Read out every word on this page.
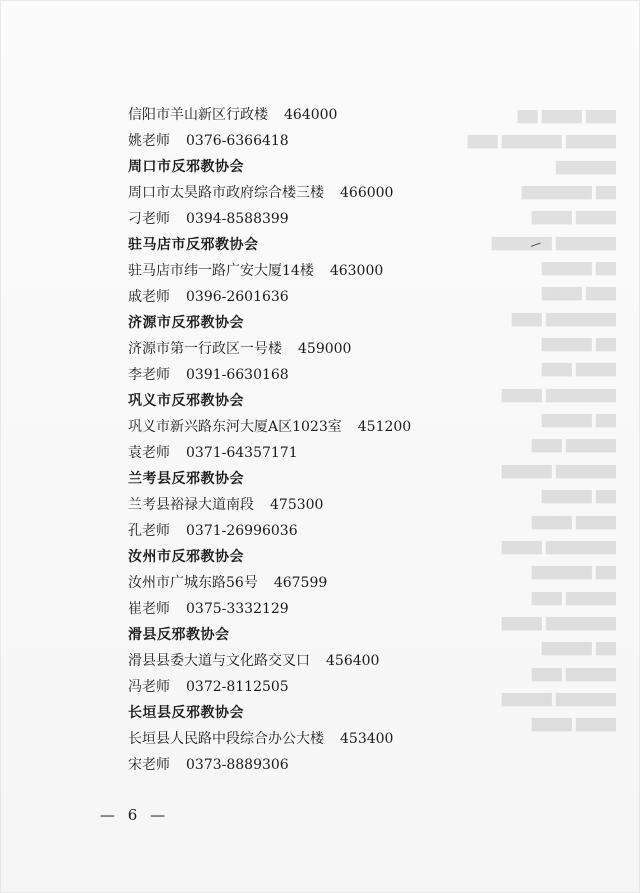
▇▇▇ ▇▇▇▇ ▇▇
▇▇▇▇▇ ▇▇▇▇▇▇ ▇▇▇
▇▇▇▇▇▇
▇▇ ▇▇▇▇▇▇▇
▇▇▇▇ ▇▇▇▇
▇▇▇▇▇▇ ▇▇▇▇▇▇
▇▇ ▇▇▇▇▇
▇▇▇ ▇▇▇▇
▇▇▇▇▇▇▇ ▇▇▇
▇▇ ▇▇▇▇▇
▇▇▇▇ ▇▇▇
▇▇▇▇▇▇▇ ▇▇▇▇
▇▇ ▇▇▇▇▇
▇▇▇▇▇ ▇▇▇
▇▇▇▇▇▇ ▇▇▇▇▇
▇▇ ▇▇▇▇▇
▇▇▇▇ ▇▇▇▇
▇▇▇▇▇▇▇ ▇▇▇▇
▇▇ ▇▇▇▇▇▇
▇▇▇▇▇ ▇▇▇
▇▇▇▇▇▇▇ ▇▇▇▇
▇▇ ▇▇▇▇▇
▇▇▇▇▇ ▇▇▇
▇▇▇▇▇▇ ▇▇▇▇▇
▇▇▇▇ ▇▇▇▇

信阳市羊山新区行政楼 464000

姚老师 0376-6366418

周口市反邪教协会

周口市太昊路市政府综合楼三楼 466000

刁老师 0394-8588399

驻马店市反邪教协会

驻马店市纬一路广安大厦14楼 463000

戚老师 0396-2601636

济源市反邪教协会

济源市第一行政区一号楼 459000

李老师 0391-6630168

巩义市反邪教协会

巩义市新兴路东河大厦A区1023室 451200

袁老师 0371-64357171

兰考县反邪教协会

兰考县裕禄大道南段 475300

孔老师 0371-26996036

汝州市反邪教协会

汝州市广城东路56号 467599

崔老师 0375-3332129

滑县反邪教协会

滑县县委大道与文化路交叉口 456400

冯老师 0372-8112505

长垣县反邪教协会

长垣县人民路中段综合办公大楼 453400

宋老师 0373-8889306

— 6 —
